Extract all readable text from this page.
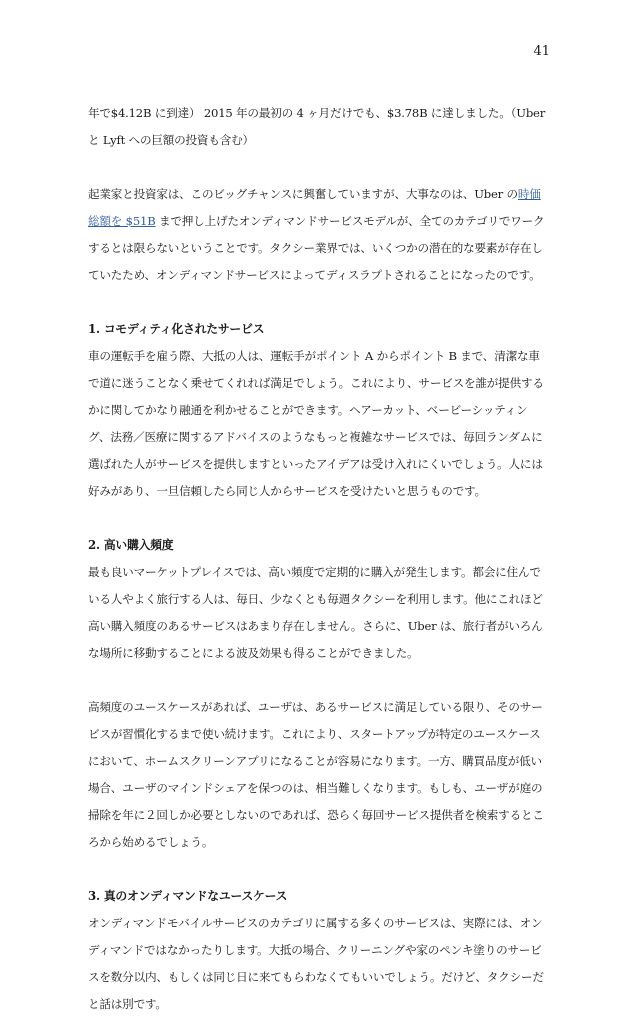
41

年で$4.12B に到達） 2015 年の最初の 4 ヶ月だけでも、$3.78B に達しました。（Uber と Lyft への巨額の投資も含む）

起業家と投資家は、このビッグチャンスに興奮していますが、大事なのは、Uber の時価総額を $51B まで押し上げたオンディマンドサービスモデルが、全てのカテゴリでワークするとは限らないということです。タクシー業界では、いくつかの潜在的な要素が存在していたため、オンディマンドサービスによってディスラプトされることになったのです。

1. コモディティ化されたサービス

車の運転手を雇う際、大抵の人は、運転手がポイント A からポイント B まで、清潔な車で道に迷うことなく乗せてくれれば満足でしょう。これにより、サービスを誰が提供するかに関してかなり融通を利かせることができます。ヘアーカット、ベービーシッティング、法務／医療に関するアドバイスのようなもっと複雑なサービスでは、毎回ランダムに選ばれた人がサービスを提供しますといったアイデアは受け入れにくいでしょう。人には好みがあり、一旦信頼したら同じ人からサービスを受けたいと思うものです。

2. 高い購入頻度

最も良いマーケットプレイスでは、高い頻度で定期的に購入が発生します。都会に住んでいる人やよく旅行する人は、毎日、少なくとも毎週タクシーを利用します。他にこれほど高い購入頻度のあるサービスはあまり存在しません。さらに、Uber は、旅行者がいろんな場所に移動することによる波及効果も得ることができました。

高頻度のユースケースがあれば、ユーザは、あるサービスに満足している限り、そのサービスが習慣化するまで使い続けます。これにより、スタートアップが特定のユースケースにおいて、ホームスクリーンアプリになることが容易になります。一方、購買品度が低い場合、ユーザのマインドシェアを保つのは、相当難しくなります。もしも、ユーザが庭の掃除を年に２回しか必要としないのであれば、恐らく毎回サービス提供者を検索するところから始めるでしょう。

3. 真のオンディマンドなユースケース

オンディマンドモバイルサービスのカテゴリに属する多くのサービスは、実際には、オンディマンドではなかったりします。大抵の場合、クリーニングや家のペンキ塗りのサービスを数分以内、もしくは同じ日に来てもらわなくてもいいでしょう。だけど、タクシーだと話は別です。
